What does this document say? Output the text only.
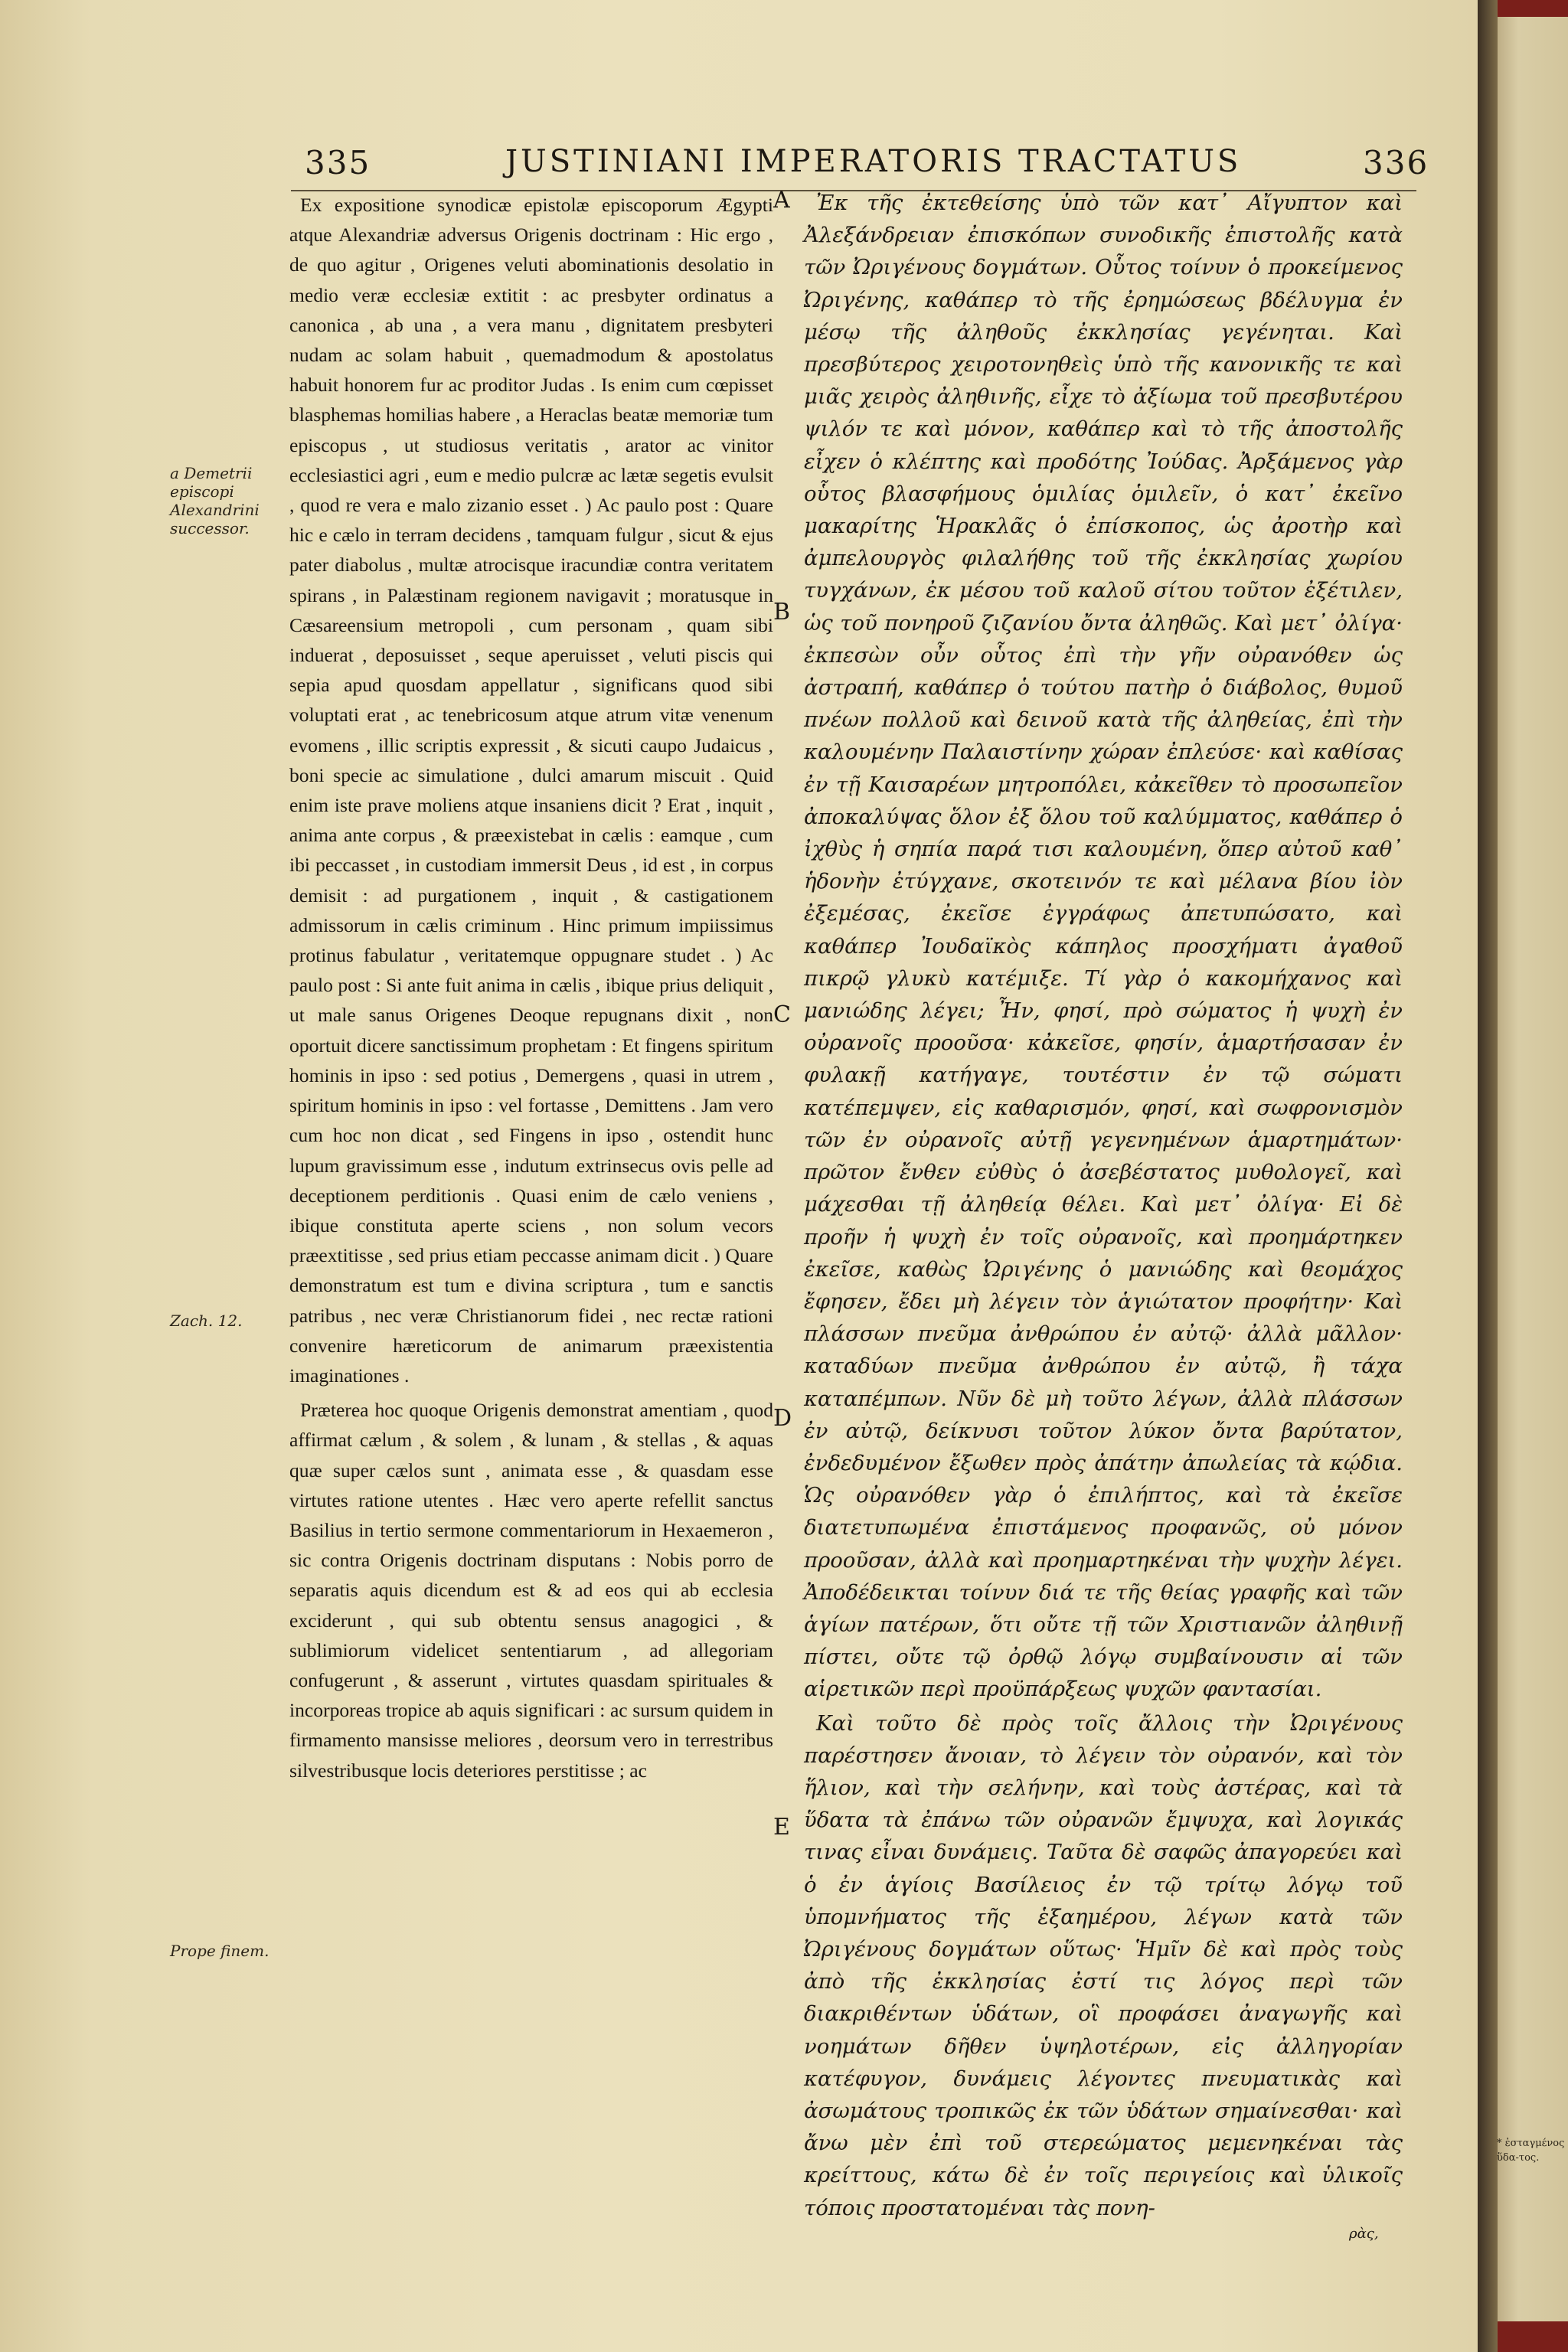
335	JUSTINIANI IMPERATORIS TRACTATUS	336
a Demetrii episcopi Alexandrini successor.
Zach. 12.
Prope finem.

Ex expositione synodicæ epistolæ episcoporum Ægypti atque Alexandriæ adversus Origenis doctrinam : Hic ergo , de quo agitur , Origenes veluti abominationis desolatio in medio veræ ecclesiæ extitit : ac presbyter ordinatus a canonica , ab una , a vera manu , dignitatem presbyteri nudam ac solam habuit , quemadmodum & apostolatus habuit honorem fur ac proditor Judas . Is enim cum cœpisset blasphemas homilias habere , a Heraclas beatæ memoriæ tum episcopus , ut studiosus veritatis , arator ac vinitor ecclesiastici agri , eum e medio pulcræ ac lætæ segetis evulsit , quod re vera e malo zizanio esset . ) Ac paulo post : Quare hic e cælo in terram decidens , tamquam fulgur , sicut & ejus pater diabolus , multæ atrocisque iracundiæ contra veritatem spirans , in Palæstinam regionem navigavit ; moratusque in Cæsareensium metropoli , cum personam , quam sibi induerat , deposuisset , seque aperuisset , veluti piscis qui sepia apud quosdam appellatur , significans quod sibi voluptati erat , ac tenebricosum atque atrum vitæ venenum evomens , illic scriptis expressit , & sicuti caupo Judaicus , boni specie ac simulatione , dulci amarum miscuit . Quid enim iste prave moliens atque insaniens dicit ? Erat , inquit , anima ante corpus , & præexistebat in cælis : eamque , cum ibi peccasset , in custodiam immersit Deus , id est , in corpus demisit : ad purgationem , inquit , & castigationem admissorum in cælis criminum . Hinc primum impiissimus protinus fabulatur , veritatemque oppugnare studet . ) Ac paulo post : Si ante fuit anima in cælis , ibique prius deliquit , ut male sanus Origenes Deoque repugnans dixit , non oportuit dicere sanctissimum prophetam : Et fingens spiritum hominis in ipso : sed potius , Demergens , quasi in utrem , spiritum hominis in ipso : vel fortasse , Demittens . Jam vero cum hoc non dicat , sed Fingens in ipso , ostendit hunc lupum gravissimum esse , indutum extrinsecus ovis pelle ad deceptionem perditionis . Quasi enim de cælo veniens , ibique constituta aperte sciens , non solum vecors præextitisse , sed prius etiam peccasse animam dicit . ) Quare demonstratum est tum e divina scriptura , tum e sanctis patribus , nec veræ Christianorum fidei , nec rectæ rationi convenire hæreticorum de animarum præexistentia imaginationes .

Præterea hoc quoque Origenis demonstrat amentiam , quod affirmat cælum , & solem , & lunam , & stellas , & aquas quæ super cælos sunt , animata esse , & quasdam esse virtutes ratione utentes . Hæc vero aperte refellit sanctus Basilius in tertio sermone commentariorum in Hexaemeron , sic contra Origenis doctrinam disputans : Nobis porro de separatis aquis dicendum est & ad eos qui ab ecclesia exciderunt , qui sub obtentu sensus anagogici , & sublimiorum videlicet sententiarum , ad allegoriam confugerunt , & asserunt , virtutes quasdam spirituales & incorporeas tropice ab aquis significari : ac sursum quidem in firmamento mansisse meliores , deorsum vero in terrestribus silvestribusque locis deteriores perstitisse ; ac

A
B
C
D
E

Ἐκ τῆς ἐκτεθείσης ὑπὸ τῶν κατ᾽ Αἴγυπτον καὶ Ἀλεξάνδρειαν ἐπισκόπων συνοδικῆς ἐπιστολῆς κατὰ τῶν Ὠριγένους δογμάτων. Οὗτος τοίνυν ὁ προκείμενος Ὠριγένης, καθάπερ τὸ τῆς ἐρημώσεως βδέλυγμα ἐν μέσῳ τῆς ἀληθοῦς ἐκκλησίας γεγένηται. Καὶ πρεσβύτερος χειροτονηθεὶς ὑπὸ τῆς κανονικῆς τε καὶ μιᾶς χειρὸς ἀληθινῆς, εἶχε τὸ ἀξίωμα τοῦ πρεσβυτέρου ψιλόν τε καὶ μόνον, καθάπερ καὶ τὸ τῆς ἀποστολῆς εἶχεν ὁ κλέπτης καὶ προδότης Ἰούδας. Ἀρξάμενος γὰρ οὗτος βλασφήμους ὁμιλίας ὁμιλεῖν, ὁ κατ᾽ ἐκεῖνο μακαρίτης Ἡρακλᾶς ὁ ἐπίσκοπος, ὡς ἀροτὴρ καὶ ἀμπελουργὸς φιλαλήθης τοῦ τῆς ἐκκλησίας χωρίου τυγχάνων, ἐκ μέσου τοῦ καλοῦ σίτου τοῦτον ἐξέτιλεν, ὡς τοῦ πονηροῦ ζιζανίου ὄντα ἀληθῶς. Καὶ μετ᾽ ὀλίγα· ἐκπεσὼν οὖν οὗτος ἐπὶ τὴν γῆν οὐρανόθεν ὡς ἀστραπή, καθάπερ ὁ τούτου πατὴρ ὁ διάβολος, θυμοῦ πνέων πολλοῦ καὶ δεινοῦ κατὰ τῆς ἀληθείας, ἐπὶ τὴν καλουμένην Παλαιστίνην χώραν ἐπλεύσε· καὶ καθίσας ἐν τῇ Καισαρέων μητροπόλει, κἀκεῖθεν τὸ προσωπεῖον ἀποκαλύψας ὅλον ἐξ ὅλου τοῦ καλύμματος, καθάπερ ὁ ἰχθὺς ἡ σηπία παρά τισι καλουμένη, ὅπερ αὐτοῦ καθ᾽ ἡδονὴν ἐτύγχανε, σκοτεινόν τε καὶ μέλανα βίου ἰὸν ἐξεμέσας, ἐκεῖσε ἐγγράφως ἀπετυπώσατο, καὶ καθάπερ Ἰουδαϊκὸς κάπηλος προσχήματι ἀγαθοῦ πικρῷ γλυκὺ κατέμιξε. Τί γὰρ ὁ κακομήχανος καὶ μανιώδης λέγει; Ἦν, φησί, πρὸ σώματος ἡ ψυχὴ ἐν οὐρανοῖς προοῦσα· κἀκεῖσε, φησίν, ἁμαρτήσασαν ἐν φυλακῇ κατήγαγε, τουτέστιν ἐν τῷ σώματι κατέπεμψεν, εἰς καθαρισμόν, φησί, καὶ σωφρονισμὸν τῶν ἐν οὐρανοῖς αὐτῇ γεγενημένων ἁμαρτημάτων· πρῶτον ἔνθεν εὐθὺς ὁ ἀσεβέστατος μυθολογεῖ, καὶ μάχεσθαι τῇ ἀληθείᾳ θέλει. Καὶ μετ᾽ ὀλίγα· Εἰ δὲ προῆν ἡ ψυχὴ ἐν τοῖς οὐρανοῖς, καὶ προημάρτηκεν ἐκεῖσε, καθὼς Ὠριγένης ὁ μανιώδης καὶ θεομάχος ἔφησεν, ἔδει μὴ λέγειν τὸν ἁγιώτατον προφήτην· Καὶ πλάσσων πνεῦμα ἀνθρώπου ἐν αὐτῷ· ἀλλὰ μᾶλλον· καταδύων πνεῦμα ἀνθρώπου ἐν αὐτῷ, ἢ τάχα καταπέμπων. Νῦν δὲ μὴ τοῦτο λέγων, ἀλλὰ πλάσσων ἐν αὐτῷ, δείκνυσι τοῦτον λύκον ὄντα βαρύτατον, ἐνδεδυμένον ἔξωθεν πρὸς ἀπάτην ἀπωλείας τὰ κῴδια. Ὡς οὐρανόθεν γὰρ ὁ ἐπιλήπτος, καὶ τὰ ἐκεῖσε διατετυπωμένα ἐπιστάμενος προφανῶς, οὐ μόνον προοῦσαν, ἀλλὰ καὶ προημαρτηκέναι τὴν ψυχὴν λέγει. Ἀποδέδεικται τοίνυν διά τε τῆς θείας γραφῆς καὶ τῶν ἁγίων πατέρων, ὅτι οὔτε τῇ τῶν Χριστιανῶν ἀληθινῇ πίστει, οὔτε τῷ ὀρθῷ λόγῳ συμβαίνουσιν αἱ τῶν αἱρετικῶν περὶ προϋπάρξεως ψυχῶν φαντασίαι.

Καὶ τοῦτο δὲ πρὸς τοῖς ἄλλοις τὴν Ὠριγένους παρέστησεν ἄνοιαν, τὸ λέγειν τὸν οὐρανόν, καὶ τὸν ἥλιον, καὶ τὴν σελήνην, καὶ τοὺς ἀστέρας, καὶ τὰ ὕδατα τὰ ἐπάνω τῶν οὐρανῶν ἔμψυχα, καὶ λογικάς τινας εἶναι δυνάμεις. Ταῦτα δὲ σαφῶς ἀπαγορεύει καὶ ὁ ἐν ἁγίοις Βασίλειος ἐν τῷ τρίτῳ λόγῳ τοῦ ὑπομνήματος τῆς ἑξαημέρου, λέγων κατὰ τῶν Ὠριγένους δογμάτων οὕτως· Ἡμῖν δὲ καὶ πρὸς τοὺς ἀπὸ τῆς ἐκκλησίας ἐστί τις λόγος περὶ τῶν διακριθέντων ὑδάτων, οἳ προφάσει ἀναγωγῆς καὶ νοημάτων δῆθεν ὑψηλοτέρων, εἰς ἀλληγορίαν κατέφυγον, δυνάμεις λέγοντες πνευματικὰς καὶ ἀσωμάτους τροπικῶς ἐκ τῶν ὑδάτων σημαίνεσθαι· καὶ ἄνω μὲν ἐπὶ τοῦ στερεώματος μεμενηκέναι τὰς κρείττους, κάτω δὲ ἐν τοῖς περιγείοις καὶ ὑλικοῖς τόποις προστατομέναι τὰς πονη-

ρὰς,
* ἐσταγμένος ὕδα-τος.
